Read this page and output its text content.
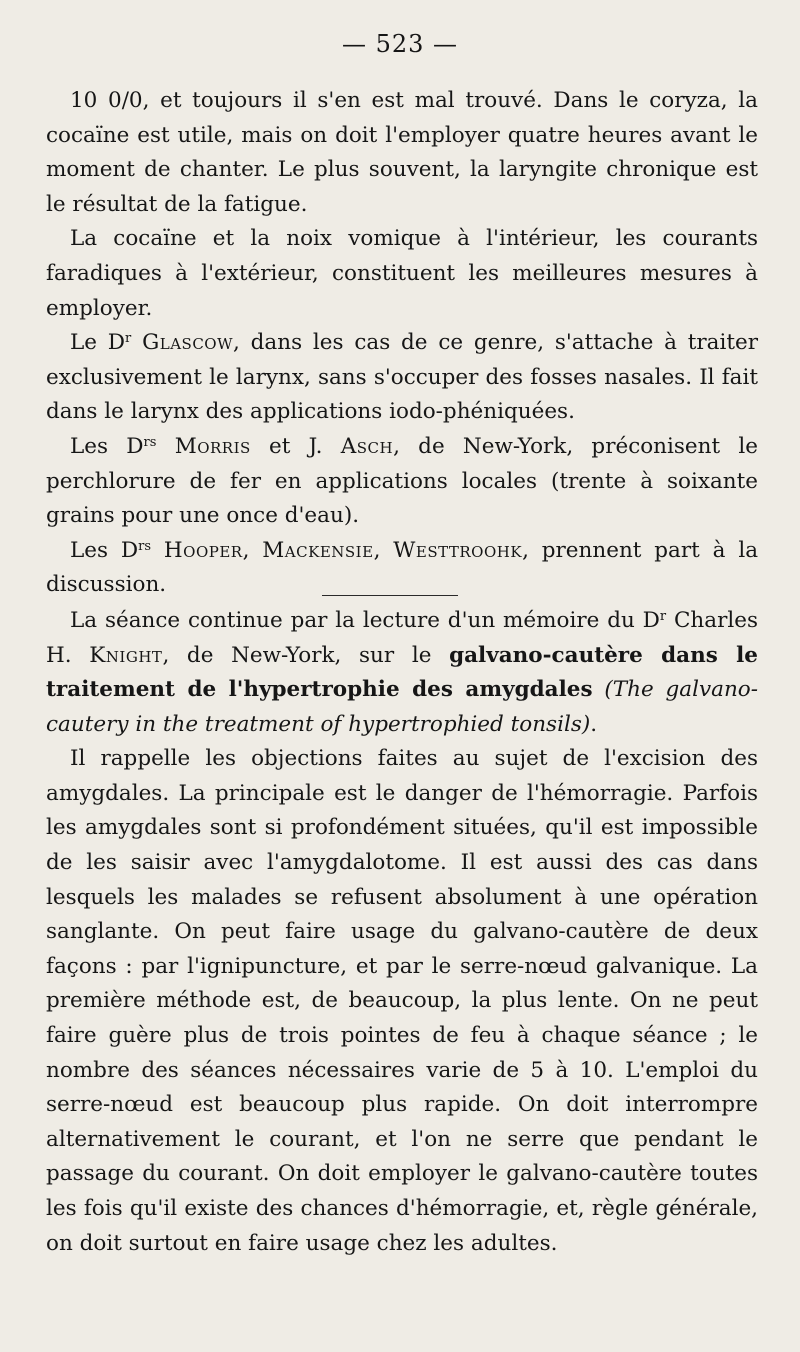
— 523 —

10 0/0, et toujours il s'en est mal trouvé. Dans le coryza, la cocaïne est utile, mais on doit l'employer quatre heures avant le moment de chanter. Le plus souvent, la laryngite chronique est le résultat de la fatigue.

La cocaïne et la noix vomique à l'intérieur, les courants faradiques à l'extérieur, constituent les meilleures mesures à employer.

Le $D^r$ Glascow, dans les cas de ce genre, s'attache à traiter exclusivement le larynx, sans s'occuper des fosses nasales. Il fait dans le larynx des applications iodo-phéniquées.

Les $D^{rs}$ Morris et J. Asch, de New-York, préconisent le perchlorure de fer en applications locales (trente à soixante grains pour une once d'eau).

Les $D^{rs}$ Hooper, Mackensie, Westtroohk, prennent part à la discussion.

La séance continue par la lecture d'un mémoire du $D^r$ Charles H. Knight, de New-York, sur le galvano-cautère dans le traitement de l'hypertrophie des amygdales (The galvano-cautery in the treatment of hypertrophied tonsils).

Il rappelle les objections faites au sujet de l'excision des amygdales. La principale est le danger de l'hémorragie. Parfois les amygdales sont si profondément situées, qu'il est impossible de les saisir avec l'amygdalotome. Il est aussi des cas dans lesquels les malades se refusent absolument à une opération sanglante. On peut faire usage du galvano-cautère de deux façons : par l'ignipuncture, et par le serre-nœud galvanique. La première méthode est, de beaucoup, la plus lente. On ne peut faire guère plus de trois pointes de feu à chaque séance ; le nombre des séances nécessaires varie de 5 à 10. L'emploi du serre-nœud est beaucoup plus rapide. On doit interrompre alternativement le courant, et l'on ne serre que pendant le passage du courant. On doit employer le galvano-cautère toutes les fois qu'il existe des chances d'hémorragie, et, règle générale, on doit surtout en faire usage chez les adultes.
